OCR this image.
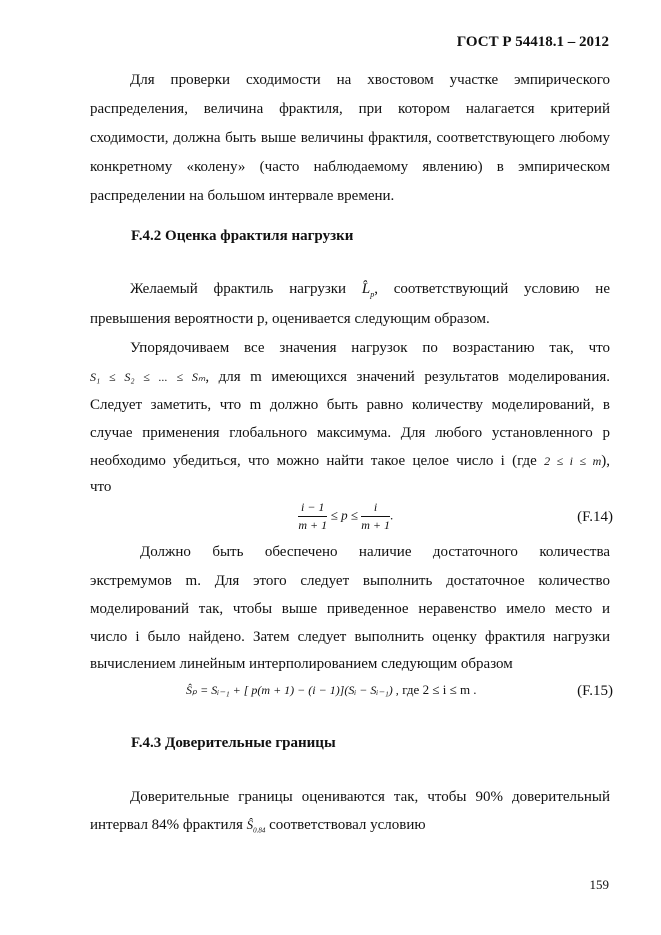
ГОСТ Р 54418.1 – 2012
Для проверки сходимости на хвостовом участке эмпирического распределения, величина фрактиля, при котором налагается критерий сходимости, должна быть выше величины фрактиля, соответствующего любому конкретному «колену» (часто наблюдаемому явлению) в эмпирическом распределении на большом интервале времени.
F.4.2 Оценка фрактиля нагрузки
Желаемый фрактиль нагрузки $L̂_p$, соответствующий условию не
превышения вероятности p, оценивается следующим образом.
Упорядочиваем все значения нагрузок по возрастанию так, что
S₁ ≤ S₂ ≤ ... ≤ Sₘ, для m имеющихся значений результатов моделирования.
Следует заметить, что m должно быть равно количеству моделирований, в
случае применения глобального максимума. Для любого установленного p
необходимо убедиться, что можно найти такое целое число i (где 2 ≤ i ≤ m),
что
$\frac{i - 1}{m + 1} \le p \le \frac{i}{m + 1}$ .	(F.14)
Должно быть обеспечено наличие достаточного количества
экстремумов m. Для этого следует выполнить достаточное количество
моделирований так, чтобы выше приведенное неравенство имело место и
число i было найдено. Затем следует выполнить оценку фрактиля нагрузки
вычислением линейным интерполированием следующим образом
Ŝₚ = Sᵢ₋₁ + [ p(m + 1) − (i − 1)](Sᵢ − Sᵢ₋₁) , где 2 ≤ i ≤ m .	(F.15)
F.4.3 Доверительные границы
Доверительные границы оцениваются так, чтобы 90% доверительный
интервал 84% фрактиля $Ŝ_{0.84}$ соответствовал условию
159
